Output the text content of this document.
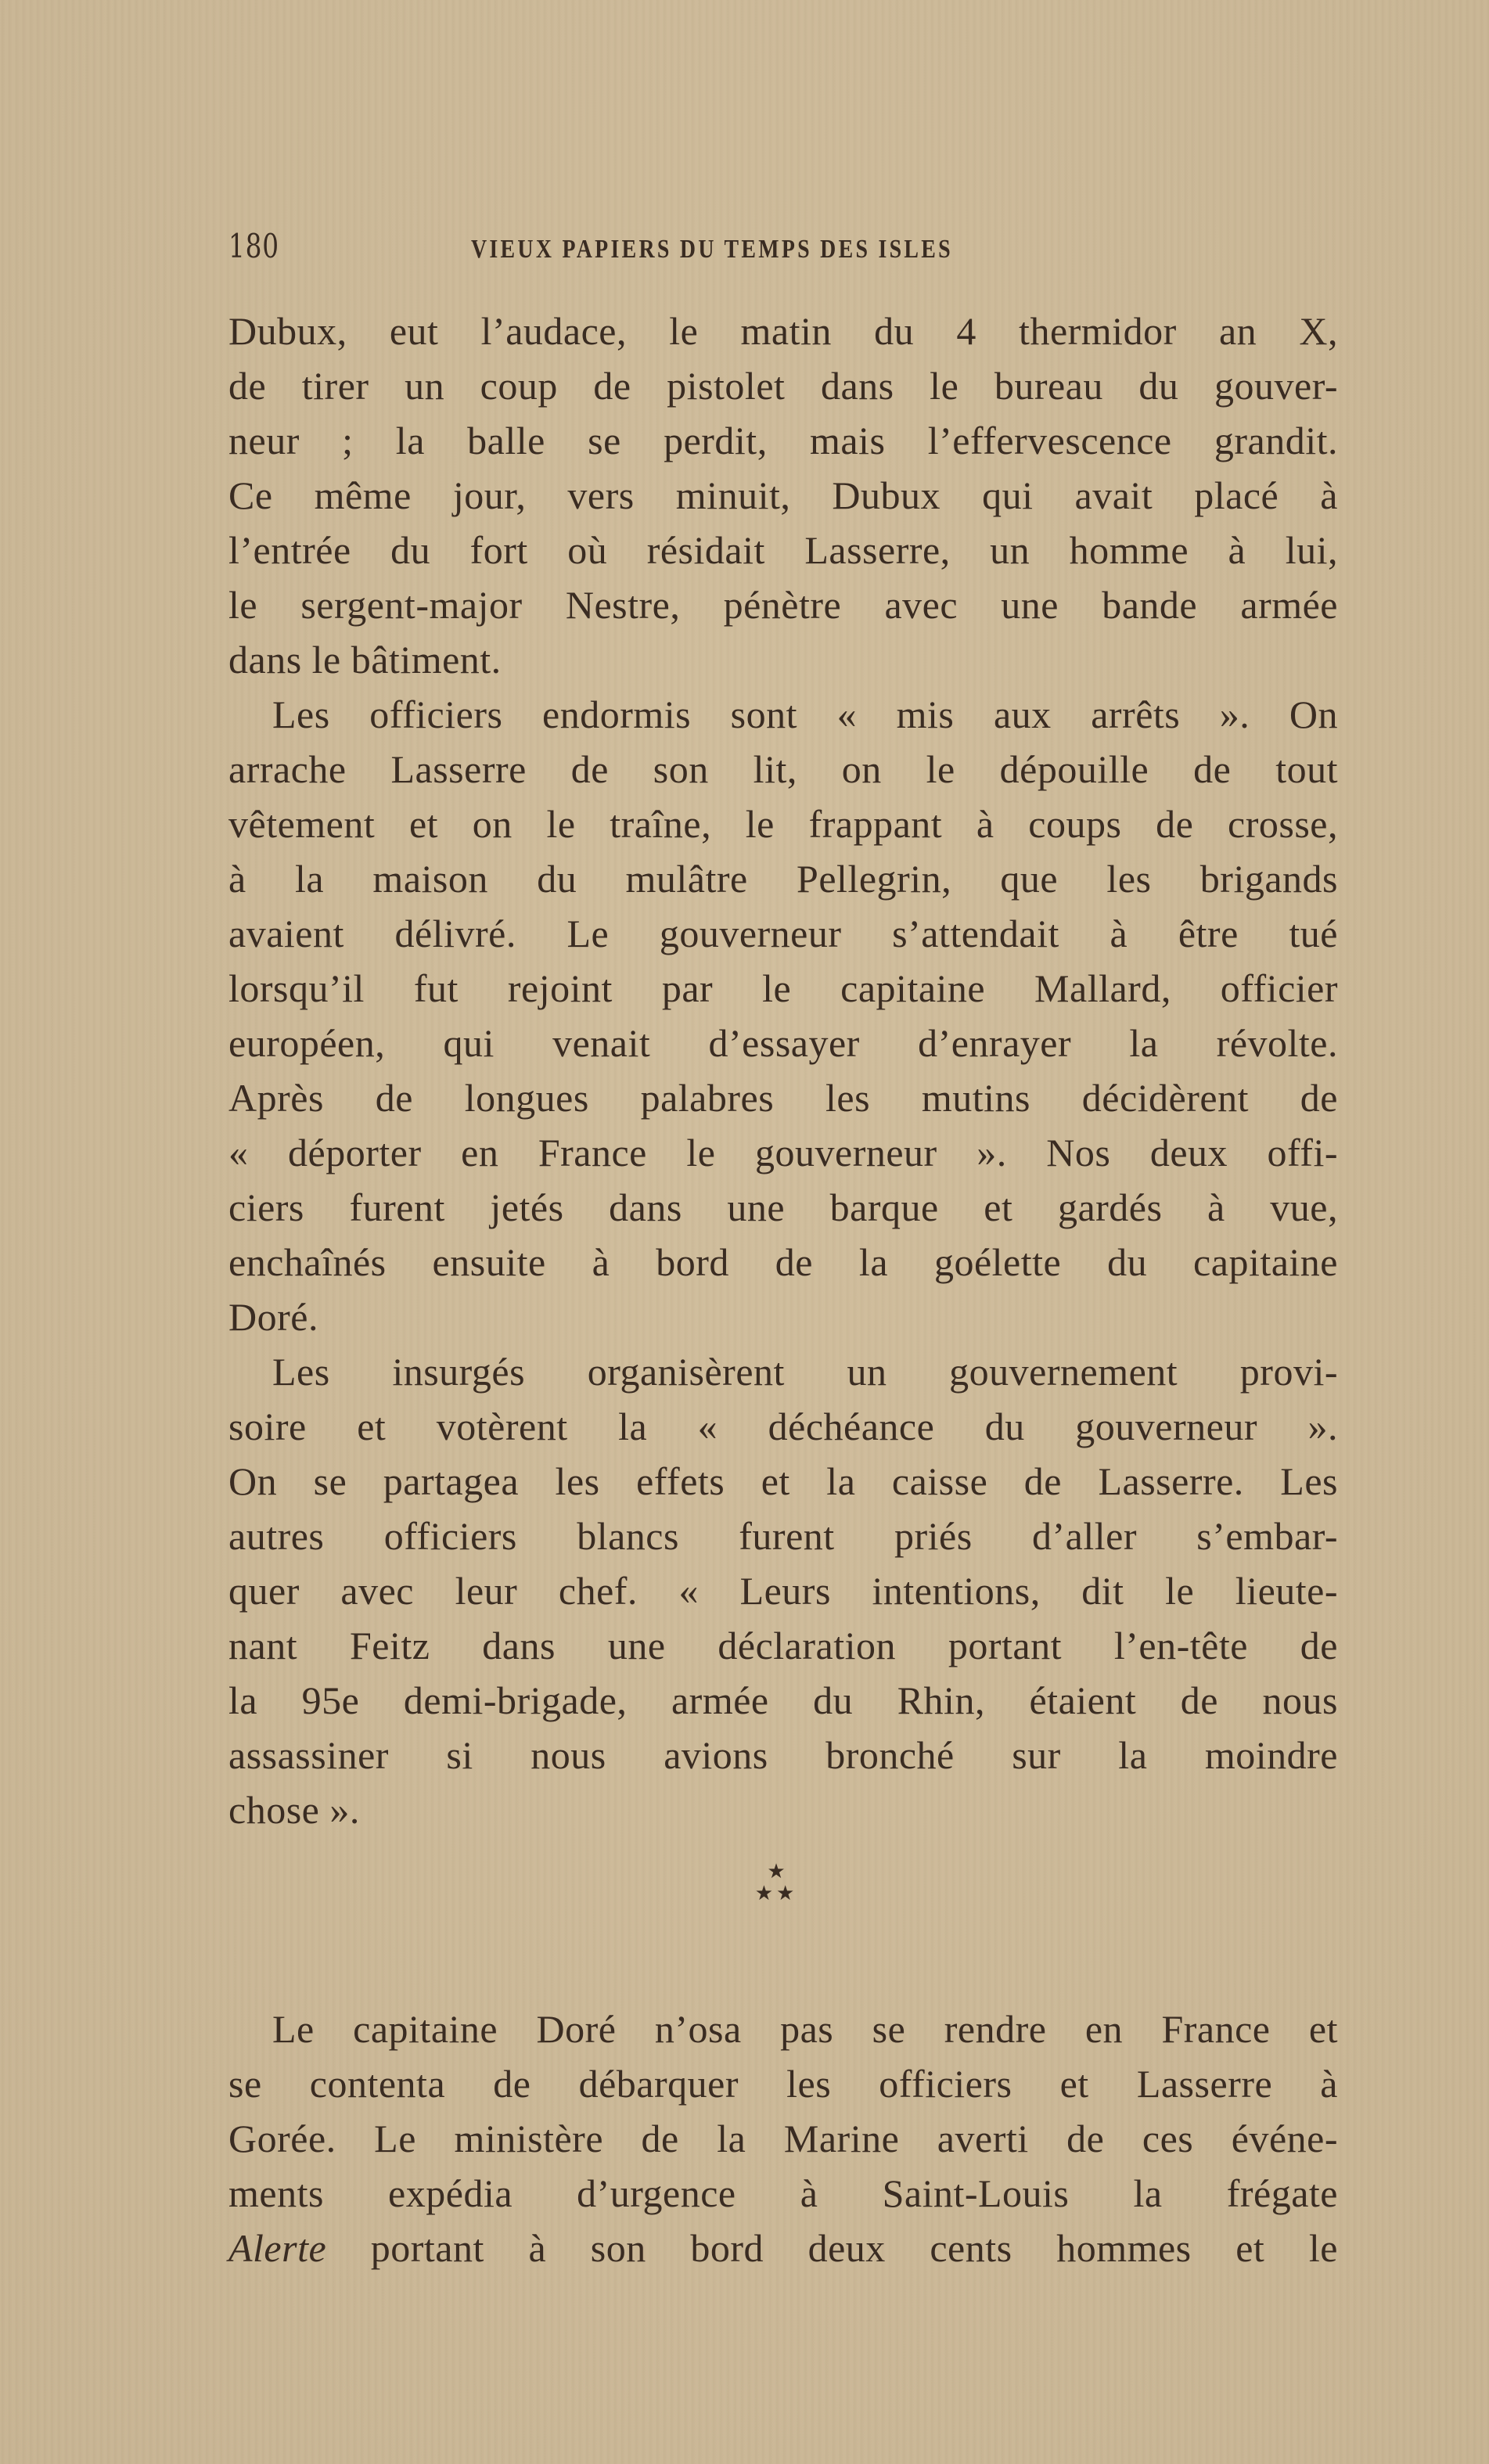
180	VIEUX PAPIERS DU TEMPS DES ISLES
Dubux, eut l’audace, le matin du 4 thermidor an X,
de tirer un coup de pistolet dans le bureau du gouver-
neur ; la balle se perdit, mais l’effervescence grandit.
Ce même jour, vers minuit, Dubux qui avait placé à
l’entrée du fort où résidait Lasserre, un homme à lui,
le sergent-major Nestre, pénètre avec une bande armée
dans le bâtiment.
Les officiers endormis sont « mis aux arrêts ». On
arrache Lasserre de son lit, on le dépouille de tout
vêtement et on le traîne, le frappant à coups de crosse,
à la maison du mulâtre Pellegrin, que les brigands
avaient délivré. Le gouverneur s’attendait à être tué
lorsqu’il fut rejoint par le capitaine Mallard, officier
européen, qui venait d’essayer d’enrayer la révolte.
Après de longues palabres les mutins décidèrent de
« déporter en France le gouverneur ». Nos deux offi-
ciers furent jetés dans une barque et gardés à vue,
enchaînés ensuite à bord de la goélette du capitaine
Doré.
Les insurgés organisèrent un gouvernement provi-
soire et votèrent la « déchéance du gouverneur ».
On se partagea les effets et la caisse de Lasserre. Les
autres officiers blancs furent priés d’aller s’embar-
quer avec leur chef. « Leurs intentions, dit le lieute-
nant Feitz dans une déclaration portant l’en-tête de
la 95e demi-brigade, armée du Rhin, étaient de nous
assassiner si nous avions bronché sur la moindre
chose ».
★
★★
Le capitaine Doré n’osa pas se rendre en France et
se contenta de débarquer les officiers et Lasserre à
Gorée. Le ministère de la Marine averti de ces événe-
ments expédia d’urgence à Saint-Louis la frégate
Alerte portant à son bord deux cents hommes et le
